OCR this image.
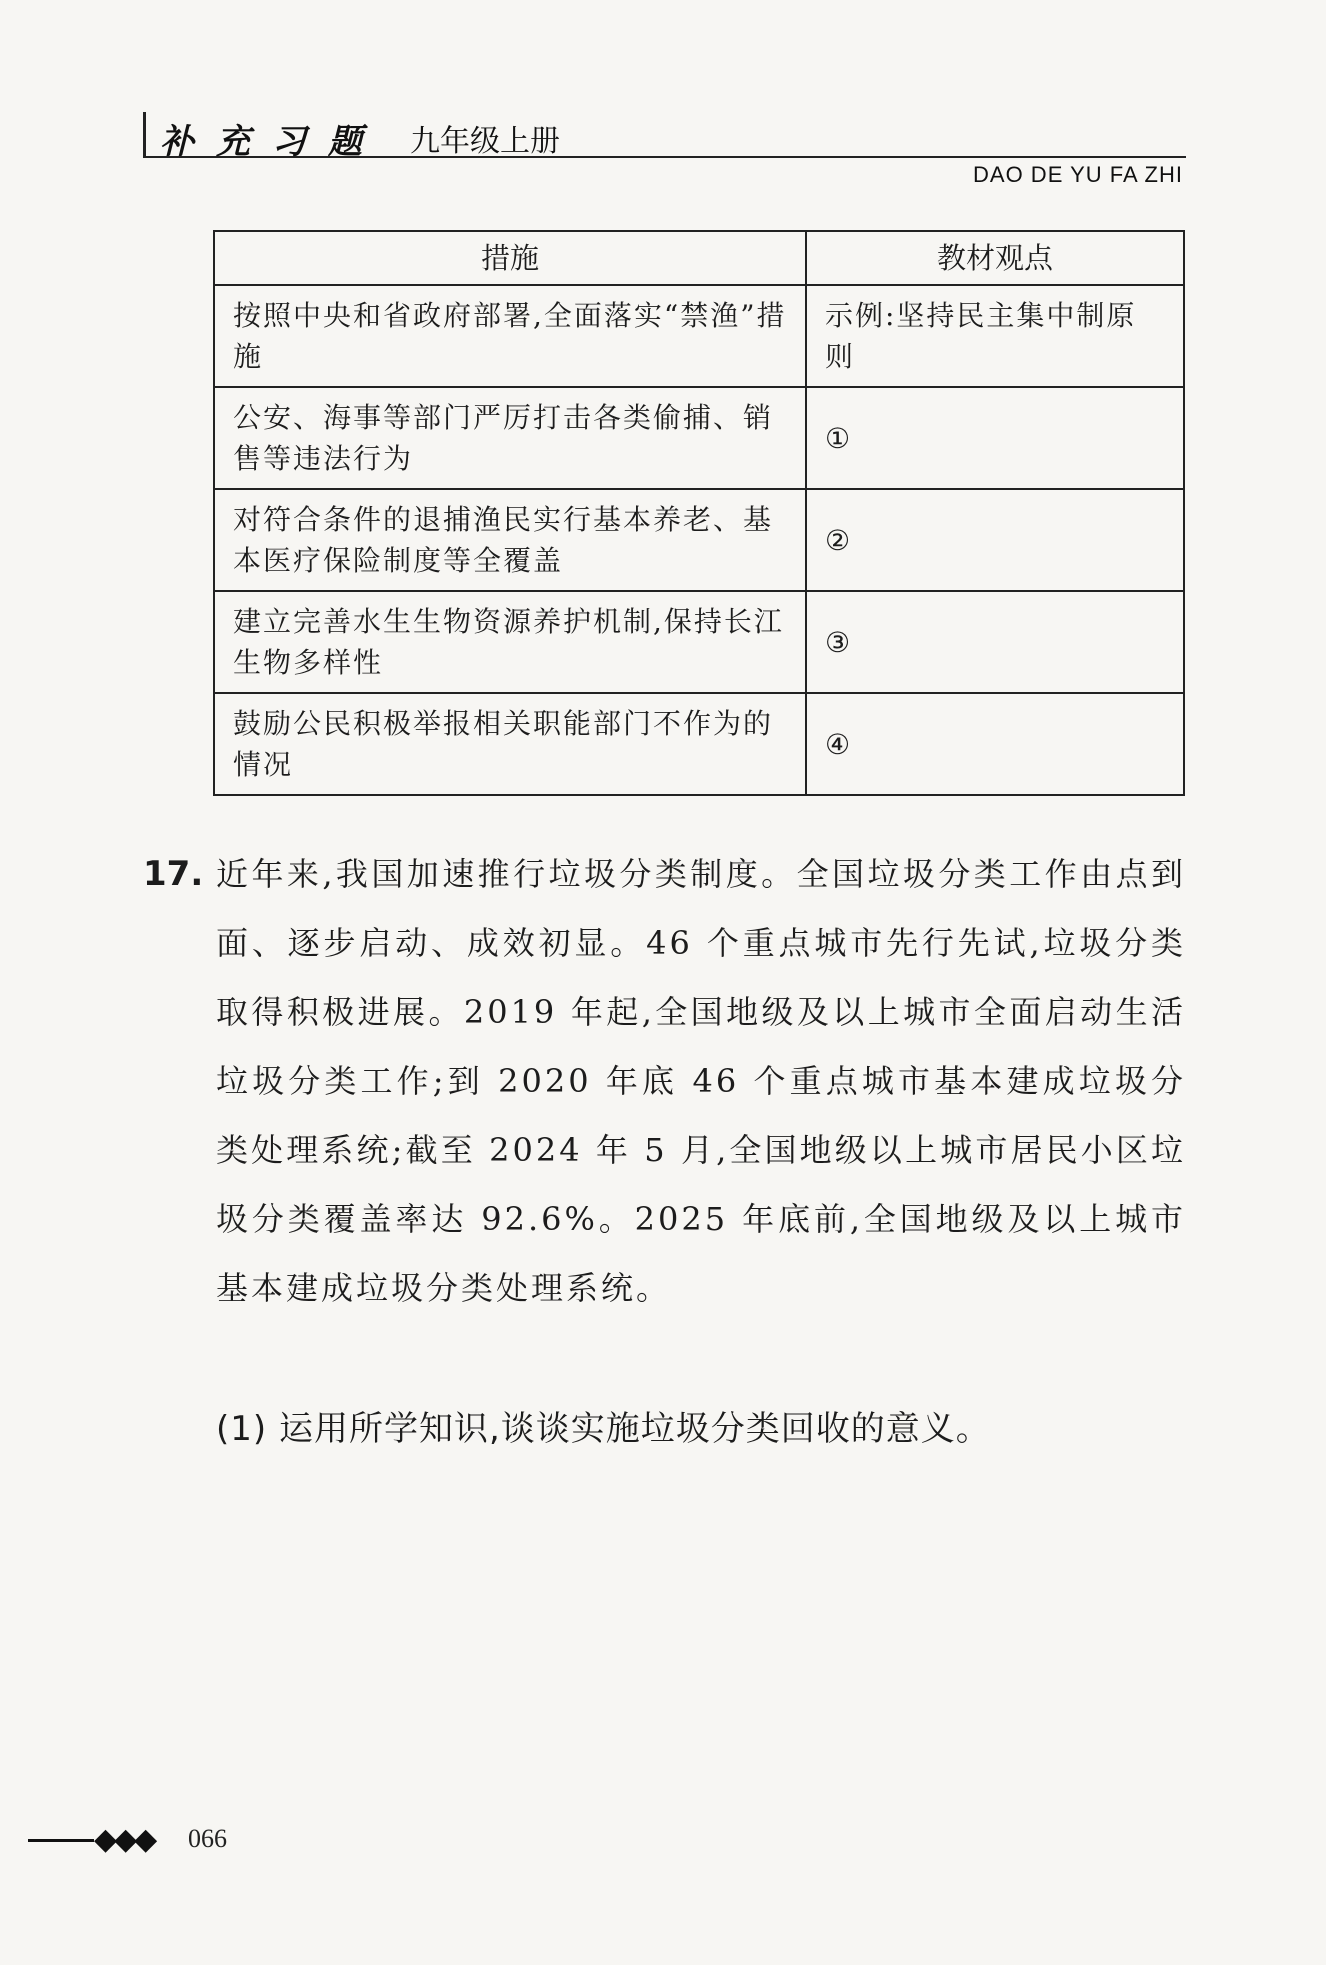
补充习题 九年级上册
DAO DE YU FA ZHI
措施	教材观点

按照中央和省政府部署,全面落实“禁渔”措施	示例:坚持民主集中制原则

公安、海事等部门严厉打击各类偷捕、销售等违法行为	①

对符合条件的退捕渔民实行基本养老、基本医疗保险制度等全覆盖	②

建立完善水生生物资源养护机制,保持长江生物多样性	③

鼓励公民积极举报相关职能部门不作为的情况	④
17. 近年来,我国加速推行垃圾分类制度。全国垃圾分类工作由点到面、逐步启动、成效初显。46 个重点城市先行先试,垃圾分类取得积极进展。2019 年起,全国地级及以上城市全面启动生活垃圾分类工作;到 2020 年底 46 个重点城市基本建成垃圾分类处理系统;截至 2024 年 5 月,全国地级以上城市居民小区垃圾分类覆盖率达 92.6%。2025 年底前,全国地级及以上城市基本建成垃圾分类处理系统。
(1) 运用所学知识,谈谈实施垃圾分类回收的意义。
◆◆◆ 066
